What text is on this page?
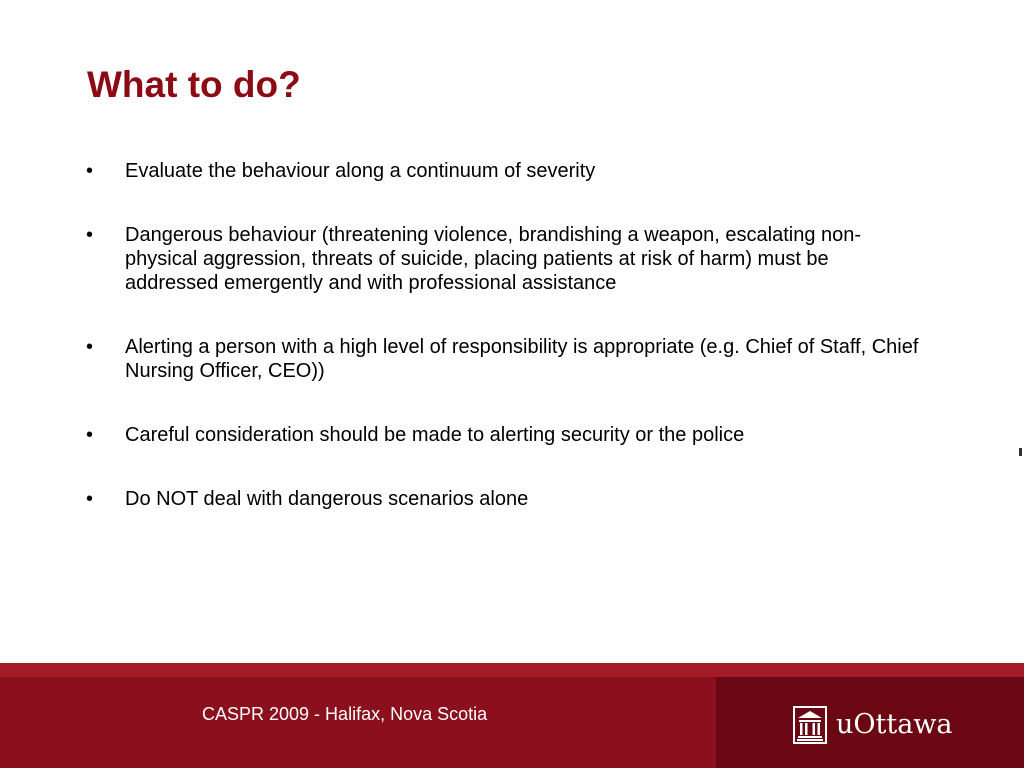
What to do?
• Evaluate the behaviour along a continuum of severity
• Dangerous behaviour (threatening violence, brandishing a weapon, escalating non-physical aggression, threats of suicide, placing patients at risk of harm) must be addressed emergently and with professional assistance
• Alerting a person with a high level of responsibility is appropriate (e.g. Chief of Staff, Chief Nursing Officer, CEO))
• Careful consideration should be made to alerting security or the police
• Do NOT deal with dangerous scenarios alone
CASPR 2009 - Halifax, Nova Scotia	uOttawa
